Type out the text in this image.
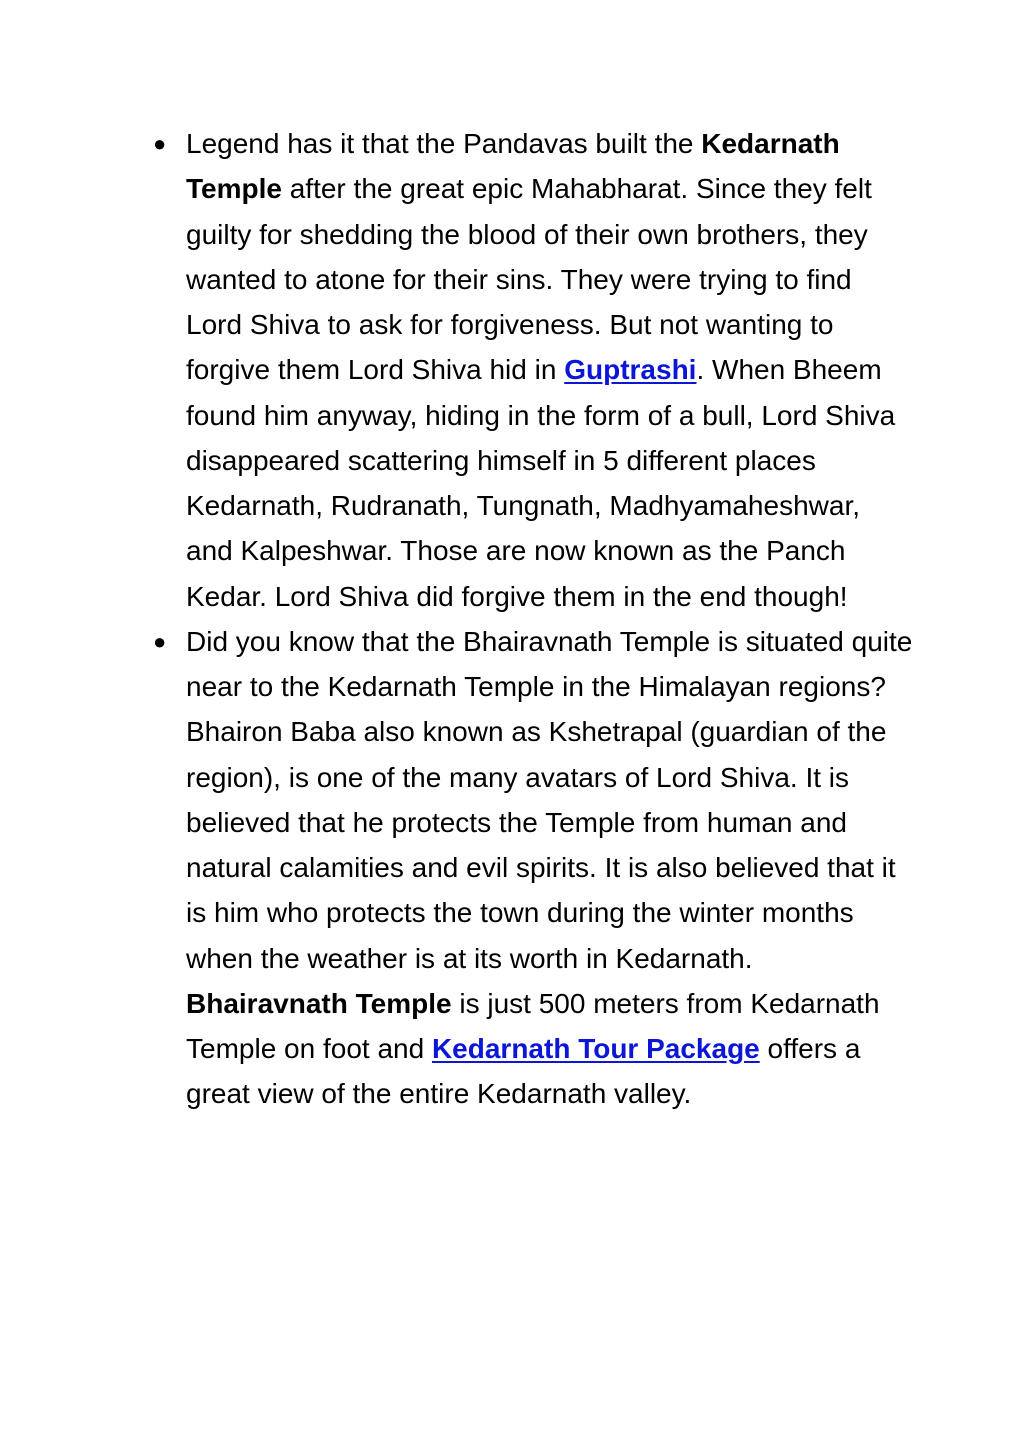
● Legend has it that the Pandavas built the Kedarnath Temple after the great epic Mahabharat. Since they felt guilty for shedding the blood of their own brothers, they wanted to atone for their sins. They were trying to find Lord Shiva to ask for forgiveness. But not wanting to forgive them Lord Shiva hid in Guptrashi. When Bheem found him anyway, hiding in the form of a bull, Lord Shiva disappeared scattering himself in 5 different places Kedarnath, Rudranath, Tungnath, Madhyamaheshwar, and Kalpeshwar. Those are now known as the Panch Kedar. Lord Shiva did forgive them in the end though!
● Did you know that the Bhairavnath Temple is situated quite near to the Kedarnath Temple in the Himalayan regions? Bhairon Baba also known as Kshetrapal (guardian of the region), is one of the many avatars of Lord Shiva. It is believed that he protects the Temple from human and natural calamities and evil spirits. It is also believed that it is him who protects the town during the winter months when the weather is at its worth in Kedarnath. Bhairavnath Temple is just 500 meters from Kedarnath Temple on foot and Kedarnath Tour Package offers a great view of the entire Kedarnath valley.
